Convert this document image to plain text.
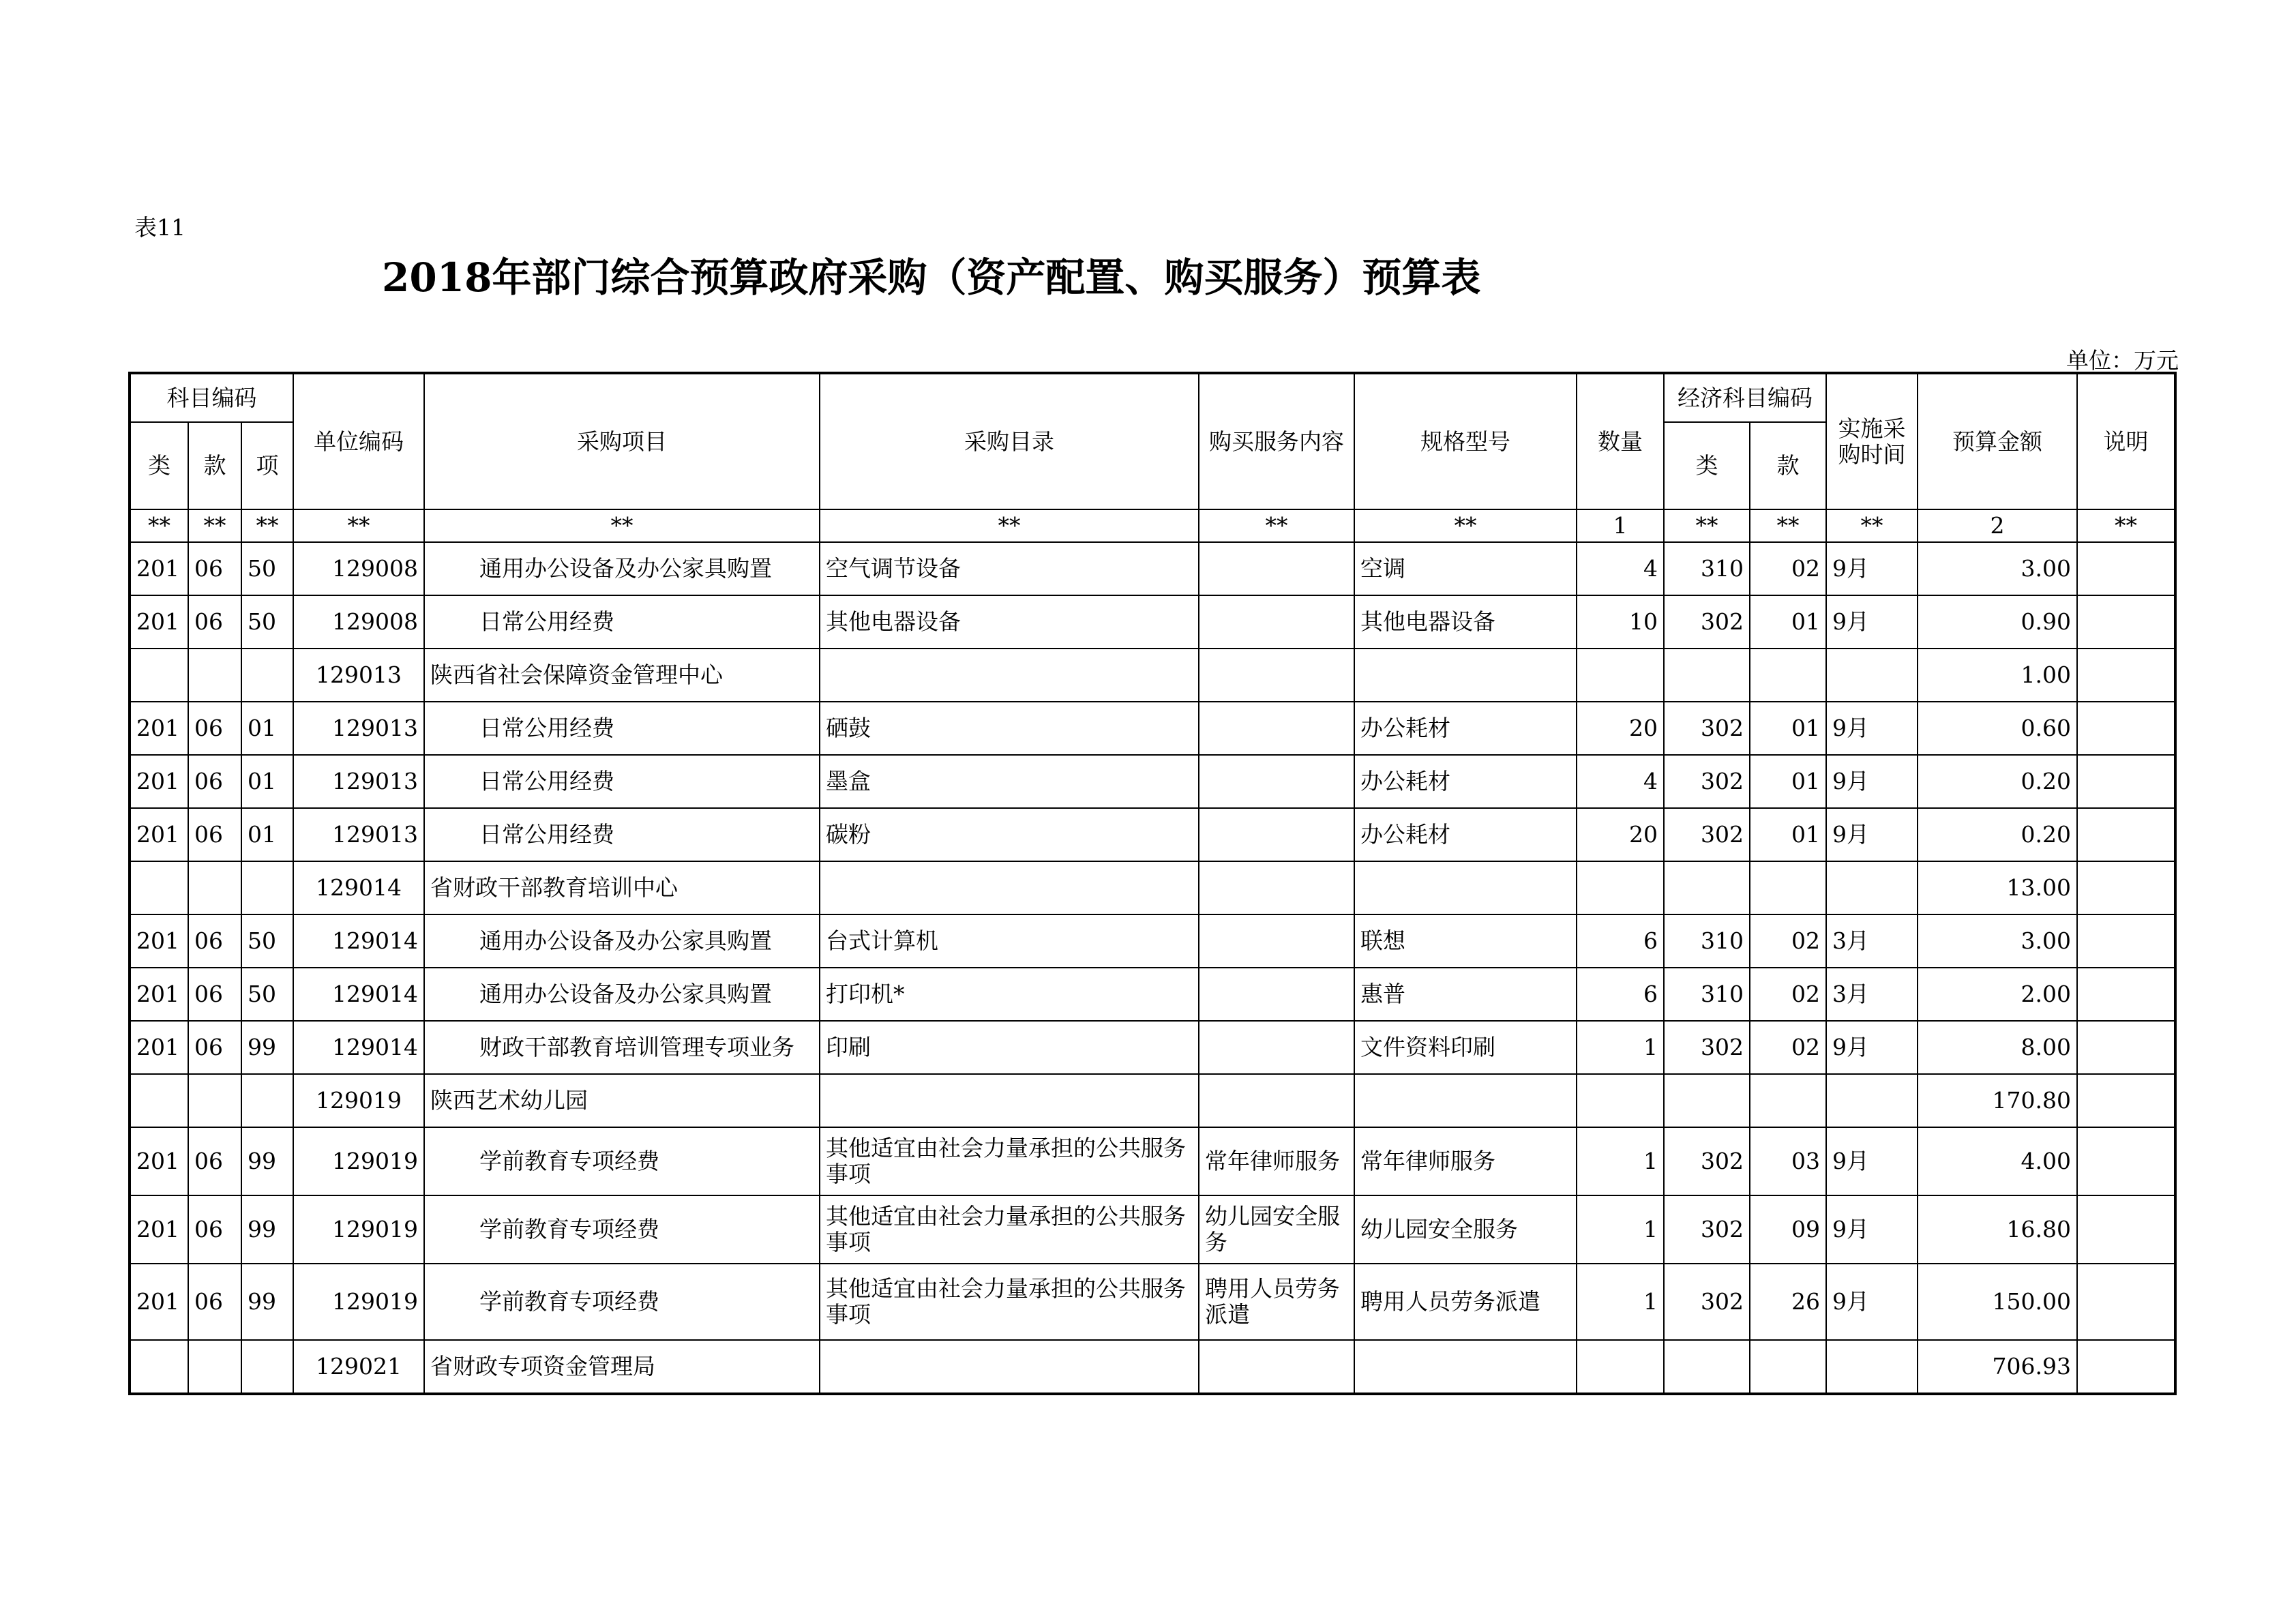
表11
2018年部门综合预算政府采购（资产配置、购买服务）预算表
单位：万元
科目编码			单位编码	采购项目	采购目录	购买服务内容	规格型号	数量	经济科目编码		实施采购时间	预算金额	说明
类	款	项							类	款			
**	**	**	**	**	**	**	**	1	**	**	**	2	**
201	06	50	129008	通用办公设备及办公家具购置	空气调节设备		空调	4	310	02	9月	3.00	
201	06	50	129008	日常公用经费	其他电器设备		其他电器设备	10	302	01	9月	0.90	
			129013	陕西省社会保障资金管理中心								1.00	
201	06	01	129013	日常公用经费	硒鼓		办公耗材	20	302	01	9月	0.60	
201	06	01	129013	日常公用经费	墨盒		办公耗材	4	302	01	9月	0.20	
201	06	01	129013	日常公用经费	碳粉		办公耗材	20	302	01	9月	0.20	
			129014	省财政干部教育培训中心								13.00	
201	06	50	129014	通用办公设备及办公家具购置	台式计算机		联想	6	310	02	3月	3.00	
201	06	50	129014	通用办公设备及办公家具购置	打印机*		惠普	6	310	02	3月	2.00	
201	06	99	129014	财政干部教育培训管理专项业务	印刷		文件资料印刷	1	302	02	9月	8.00	
			129019	陕西艺术幼儿园								170.80	
201	06	99	129019	学前教育专项经费	其他适宜由社会力量承担的公共服务事项	常年律师服务	常年律师服务	1	302	03	9月	4.00	
201	06	99	129019	学前教育专项经费	其他适宜由社会力量承担的公共服务事项	幼儿园安全服务	幼儿园安全服务	1	302	09	9月	16.80	
201	06	99	129019	学前教育专项经费	其他适宜由社会力量承担的公共服务事项	聘用人员劳务派遣	聘用人员劳务派遣	1	302	26	9月	150.00	
			129021	省财政专项资金管理局								706.93	
